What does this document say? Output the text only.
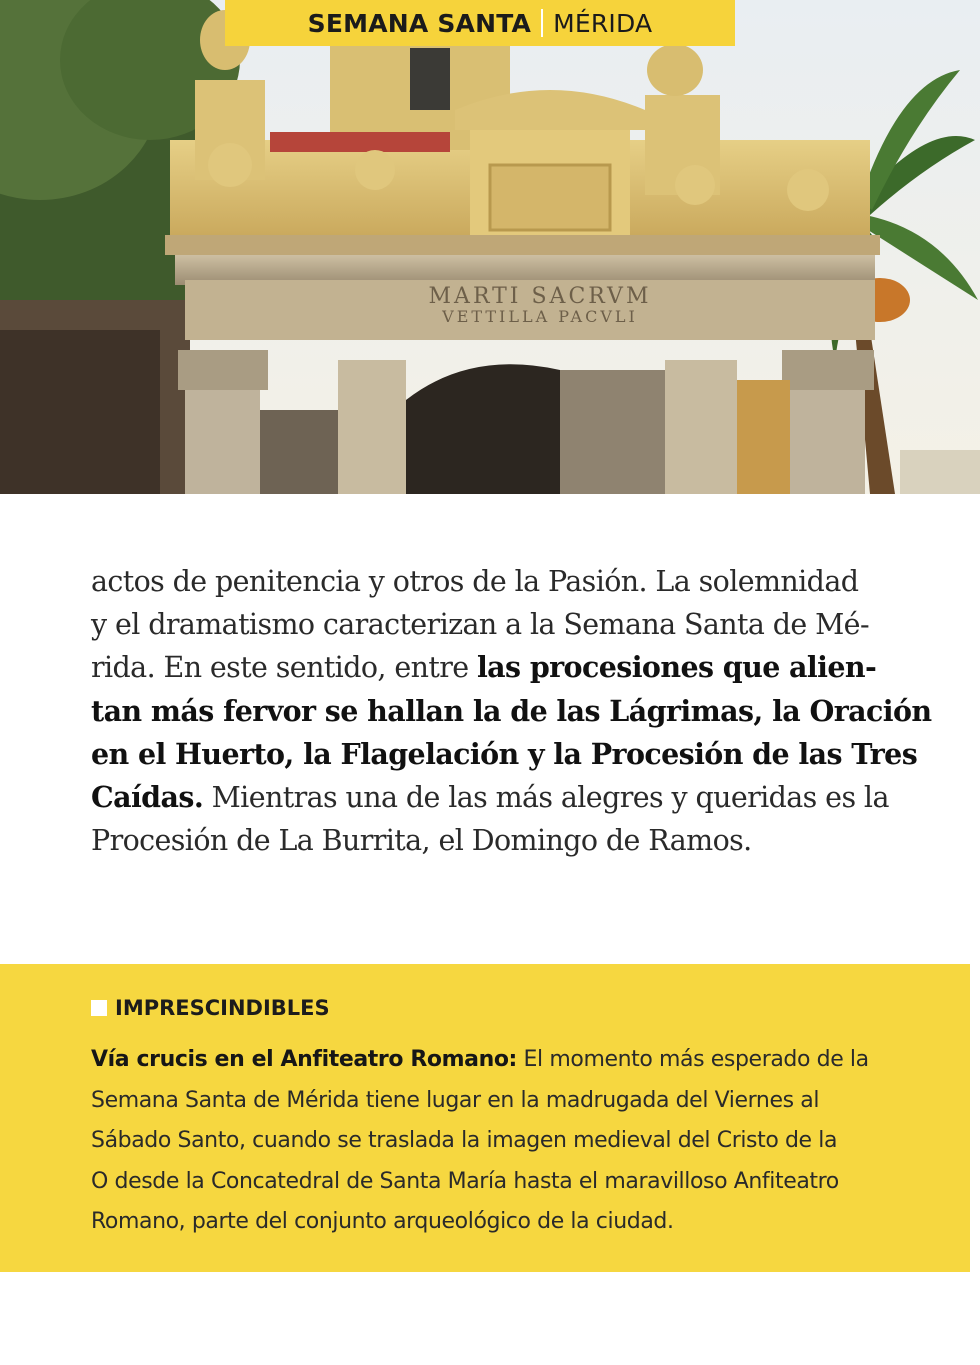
MARTI SACRVM
VETTILLA PACVLI
SEMANA SANTA MÉRIDA
actos de penitencia y otros de la Pasión. La solemnidad
y el dramatismo caracterizan a la Semana Santa de Mé-
rida. En este sentido, entre las procesiones que alien-
tan más fervor se hallan la de las Lágrimas, la Oración
en el Huerto, la Flagelación y la Procesión de las Tres
Caídas. Mientras una de las más alegres y queridas es la
Procesión de La Burrita, el Domingo de Ramos.
IMPRESCINDIBLES
Vía crucis en el Anfiteatro Romano: El momento más esperado de la
Semana Santa de Mérida tiene lugar en la madrugada del Viernes al
Sábado Santo, cuando se traslada la imagen medieval del Cristo de la
O desde la Concatedral de Santa María hasta el maravilloso Anfiteatro
Romano, parte del conjunto arqueológico de la ciudad.
